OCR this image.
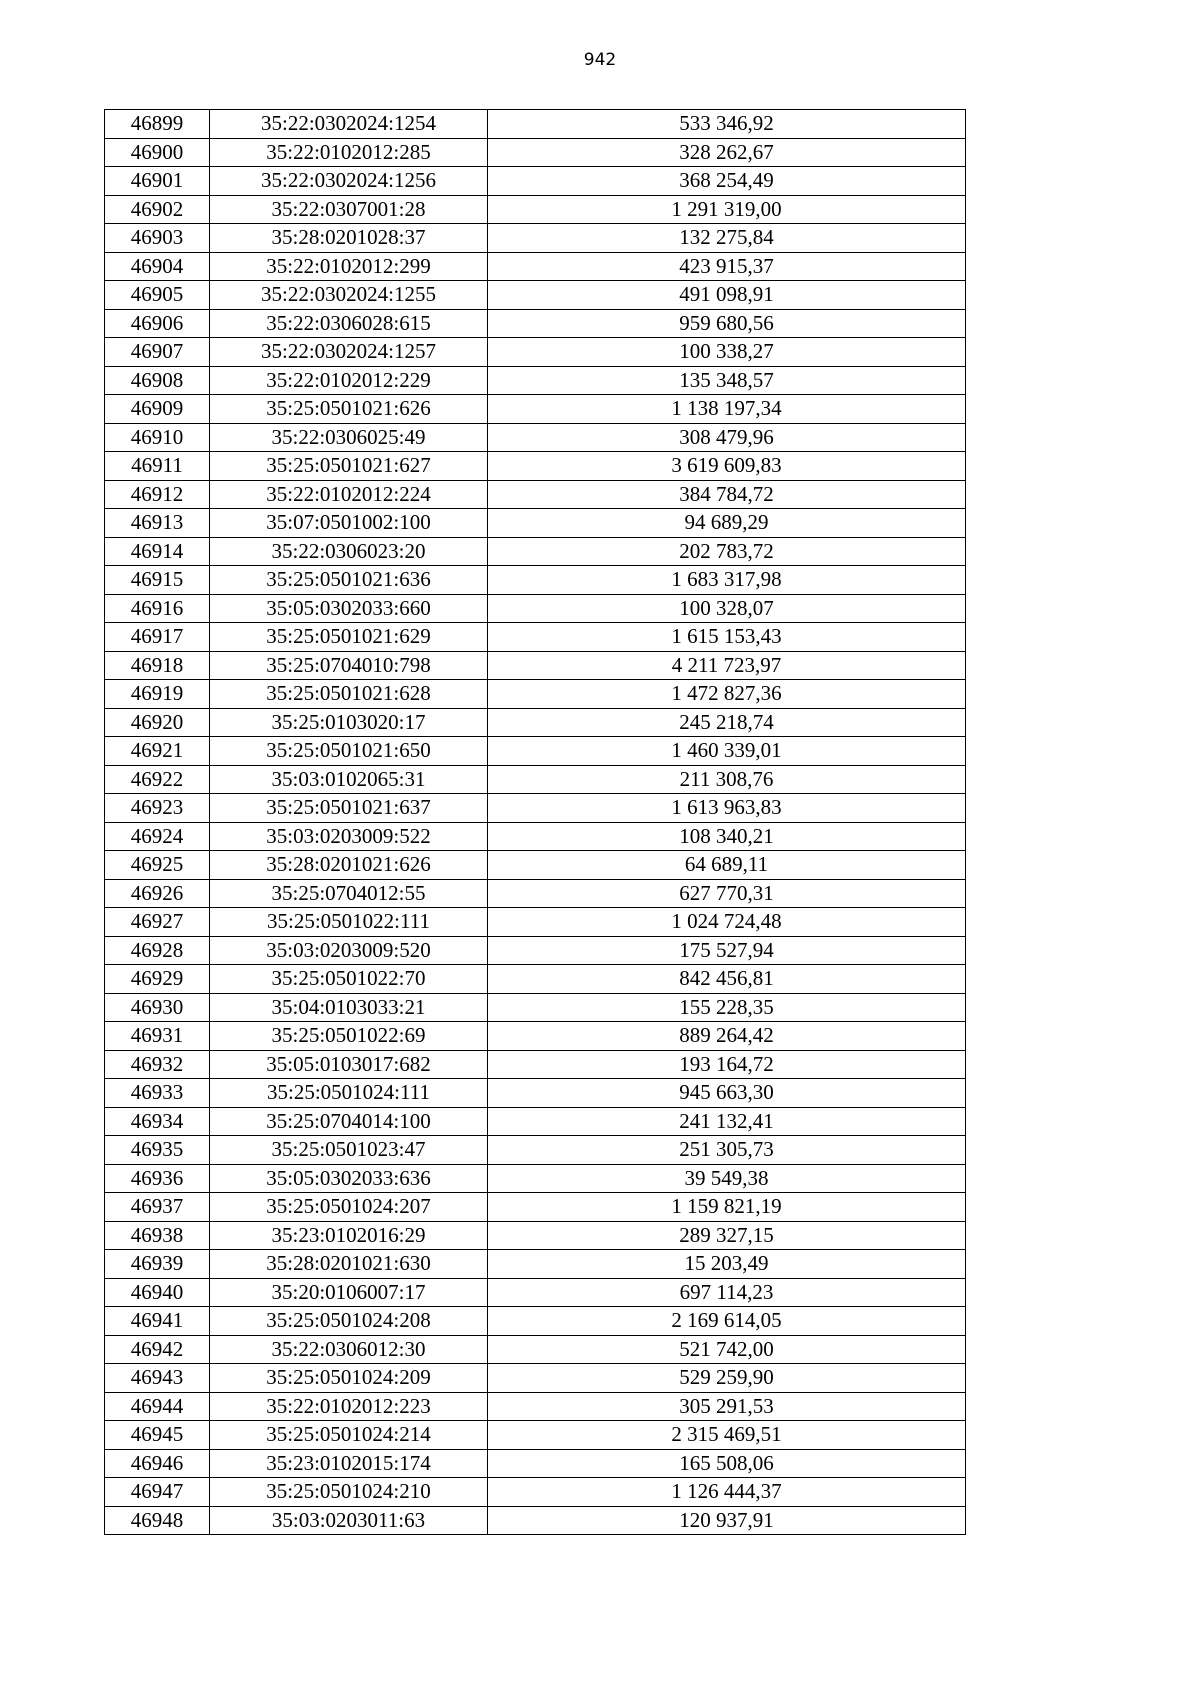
942
46899	35:22:0302024:1254	533 346,92
46900	35:22:0102012:285	328 262,67
46901	35:22:0302024:1256	368 254,49
46902	35:22:0307001:28	1 291 319,00
46903	35:28:0201028:37	132 275,84
46904	35:22:0102012:299	423 915,37
46905	35:22:0302024:1255	491 098,91
46906	35:22:0306028:615	959 680,56
46907	35:22:0302024:1257	100 338,27
46908	35:22:0102012:229	135 348,57
46909	35:25:0501021:626	1 138 197,34
46910	35:22:0306025:49	308 479,96
46911	35:25:0501021:627	3 619 609,83
46912	35:22:0102012:224	384 784,72
46913	35:07:0501002:100	94 689,29
46914	35:22:0306023:20	202 783,72
46915	35:25:0501021:636	1 683 317,98
46916	35:05:0302033:660	100 328,07
46917	35:25:0501021:629	1 615 153,43
46918	35:25:0704010:798	4 211 723,97
46919	35:25:0501021:628	1 472 827,36
46920	35:25:0103020:17	245 218,74
46921	35:25:0501021:650	1 460 339,01
46922	35:03:0102065:31	211 308,76
46923	35:25:0501021:637	1 613 963,83
46924	35:03:0203009:522	108 340,21
46925	35:28:0201021:626	64 689,11
46926	35:25:0704012:55	627 770,31
46927	35:25:0501022:111	1 024 724,48
46928	35:03:0203009:520	175 527,94
46929	35:25:0501022:70	842 456,81
46930	35:04:0103033:21	155 228,35
46931	35:25:0501022:69	889 264,42
46932	35:05:0103017:682	193 164,72
46933	35:25:0501024:111	945 663,30
46934	35:25:0704014:100	241 132,41
46935	35:25:0501023:47	251 305,73
46936	35:05:0302033:636	39 549,38
46937	35:25:0501024:207	1 159 821,19
46938	35:23:0102016:29	289 327,15
46939	35:28:0201021:630	15 203,49
46940	35:20:0106007:17	697 114,23
46941	35:25:0501024:208	2 169 614,05
46942	35:22:0306012:30	521 742,00
46943	35:25:0501024:209	529 259,90
46944	35:22:0102012:223	305 291,53
46945	35:25:0501024:214	2 315 469,51
46946	35:23:0102015:174	165 508,06
46947	35:25:0501024:210	1 126 444,37
46948	35:03:0203011:63	120 937,91
